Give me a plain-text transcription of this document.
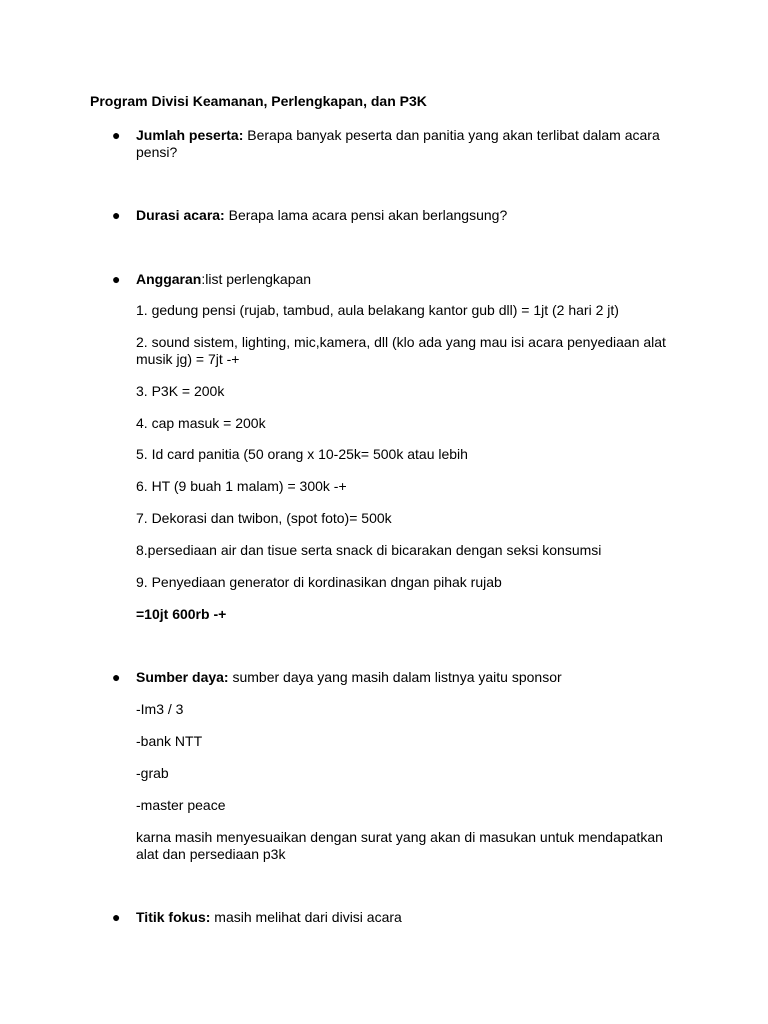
Program Divisi Keamanan, Perlengkapan, dan P3K
● Jumlah peserta: Berapa banyak peserta dan panitia yang akan terlibat dalam acara pensi?
● Durasi acara: Berapa lama acara pensi akan berlangsung?
● Anggaran:list perlengkapan
1. gedung pensi (rujab, tambud, aula belakang kantor gub dll) = 1jt (2 hari 2 jt)
2. sound sistem, lighting, mic,kamera, dll (klo ada yang mau isi acara penyediaan alat musik jg) = 7jt -+
3. P3K = 200k
4. cap masuk = 200k
5. Id card panitia (50 orang x 10-25k= 500k atau lebih
6. HT (9 buah 1 malam) = 300k -+
7. Dekorasi dan twibon, (spot foto)= 500k
8.persediaan air dan tisue serta snack di bicarakan dengan seksi konsumsi
9. Penyediaan generator di kordinasikan dngan pihak rujab
=10jt 600rb -+
● Sumber daya: sumber daya yang masih dalam listnya yaitu sponsor
-Im3 / 3
-bank NTT
-grab
-master peace
karna masih menyesuaikan dengan surat yang akan di masukan untuk mendapatkan alat dan persediaan p3k
● Titik fokus: masih melihat dari divisi acara
